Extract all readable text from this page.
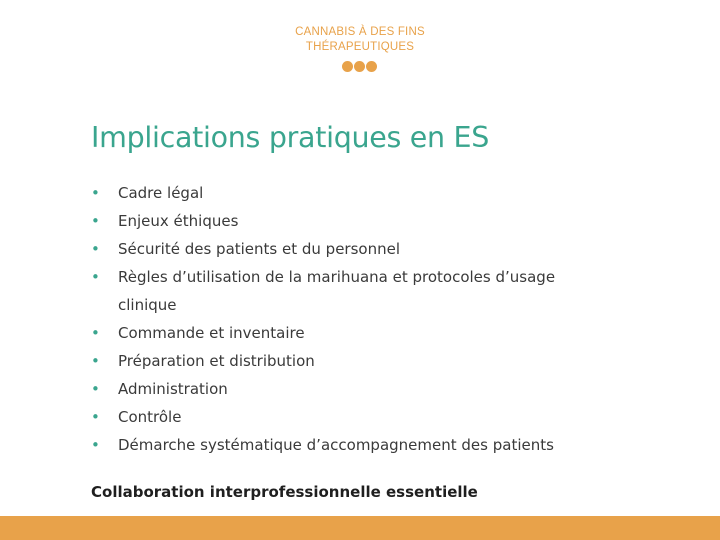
CANNABIS À DES FINS
THÉRAPEUTIQUES
Implications pratiques en ES
•	Cadre légal
•	Enjeux éthiques
•	Sécurité des patients et du personnel
•	Règles d’utilisation de la marihuana et protocoles d’usage
clinique
•	Commande et inventaire
•	Préparation et distribution
•	Administration
•	Contrôle
•	Démarche systématique d’accompagnement des patients
Collaboration interprofessionnelle essentielle
